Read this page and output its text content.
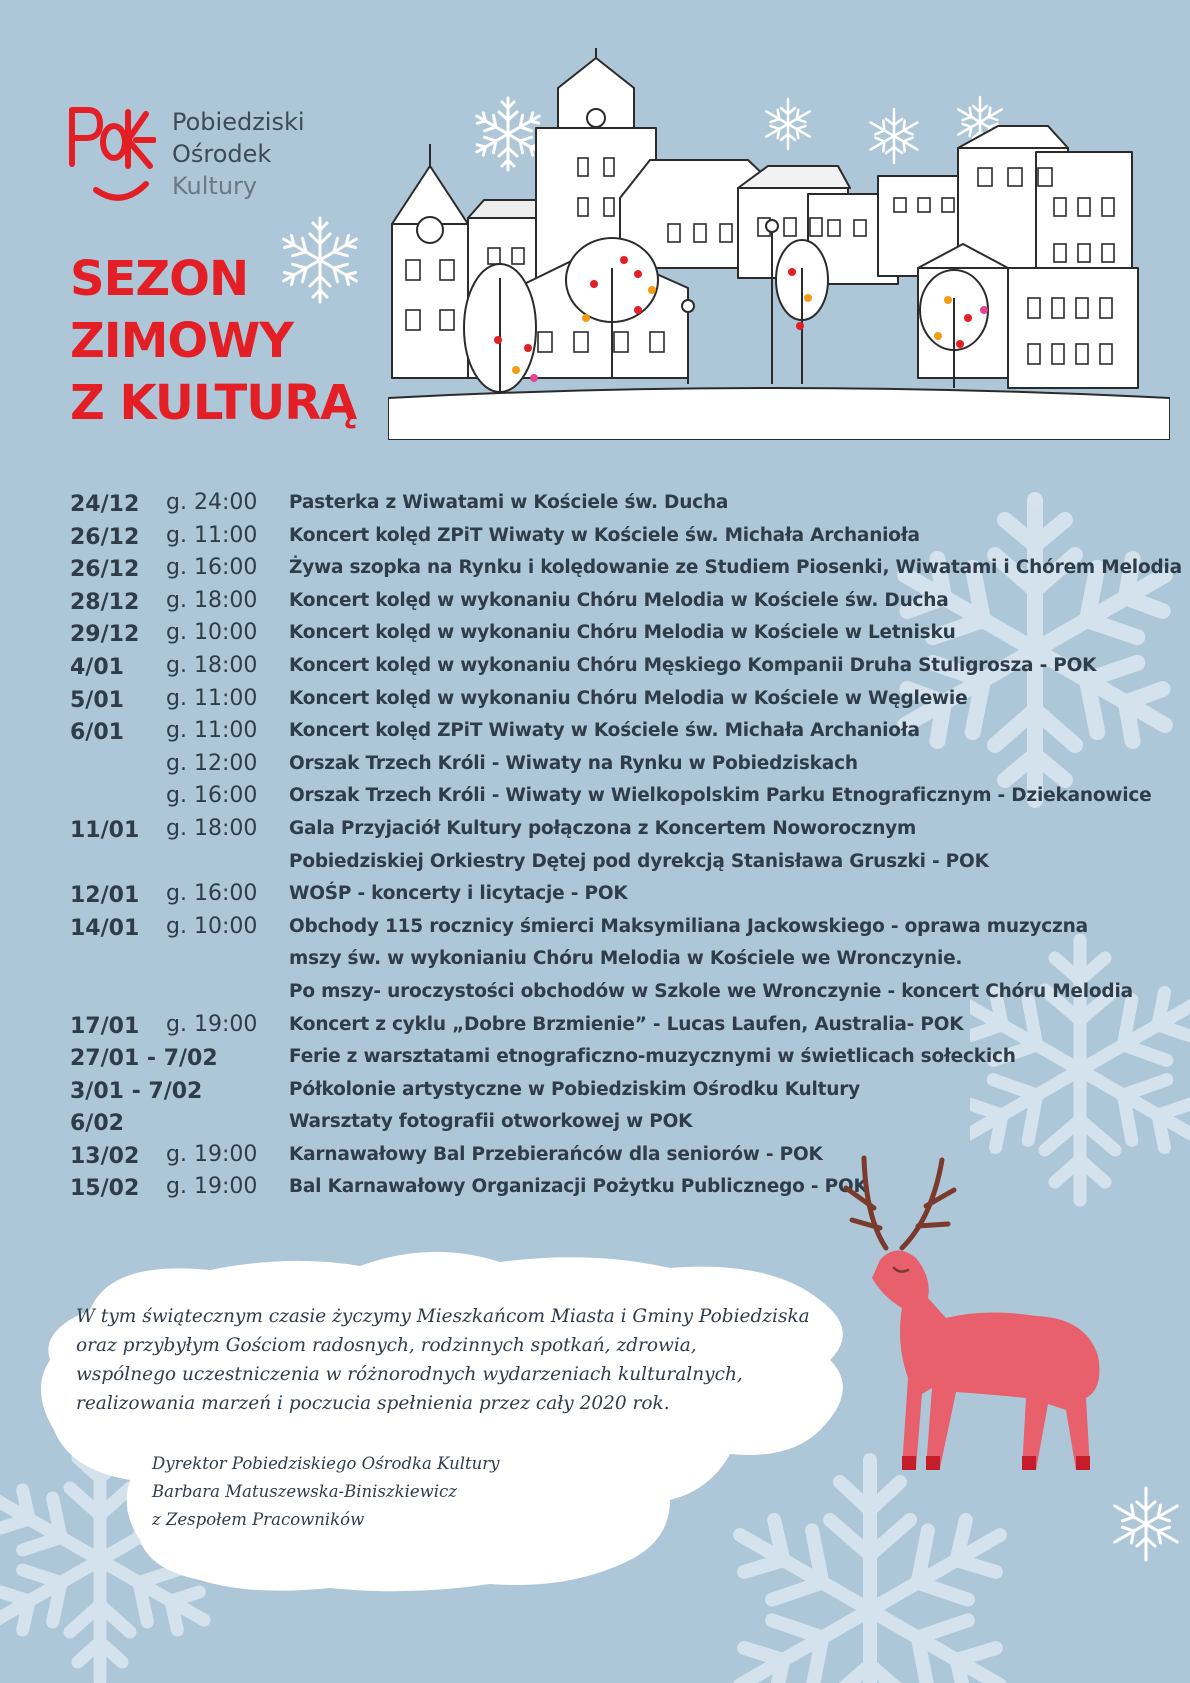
Pobiedziski
Ośrodek
Kultury
SEZON
ZIMOWY
Z KULTURĄ
24/12 g. 24:00 Pasterka z Wiwatami w Kościele św. Ducha
26/12 g. 11:00 Koncert kolęd ZPiT Wiwaty w Kościele św. Michała Archanioła
26/12 g. 16:00 Żywa szopka na Rynku i kolędowanie ze Studiem Piosenki, Wiwatami i Chórem Melodia
28/12 g. 18:00 Koncert kolęd w wykonaniu Chóru Melodia w Kościele św. Ducha
29/12 g. 10:00 Koncert kolęd w wykonaniu Chóru Melodia w Kościele w Letnisku
4/01 g. 18:00 Koncert kolęd w wykonaniu Chóru Męskiego Kompanii Druha Stuligrosza - POK
5/01 g. 11:00 Koncert kolęd w wykonaniu Chóru Melodia w Kościele w Węglewie
6/01 g. 11:00 Koncert kolęd ZPiT Wiwaty w Kościele św. Michała Archanioła
g. 12:00 Orszak Trzech Króli - Wiwaty na Rynku w Pobiedziskach
g. 16:00 Orszak Trzech Króli - Wiwaty w Wielkopolskim Parku Etnograficznym - Dziekanowice
11/01 g. 18:00 Gala Przyjaciół Kultury połączona z Koncertem Noworocznym
Pobiedziskiej Orkiestry Dętej pod dyrekcją Stanisława Gruszki - POK
12/01 g. 16:00 WOŚP - koncerty i licytacje - POK
14/01 g. 10:00 Obchody 115 rocznicy śmierci Maksymiliana Jackowskiego - oprawa muzyczna
mszy św. w wykonianiu Chóru Melodia w Kościele we Wronczynie.
Po mszy- uroczystości obchodów w Szkole we Wronczynie - koncert Chóru Melodia
17/01 g. 19:00 Koncert z cyklu „Dobre Brzmienie” - Lucas Laufen, Australia- POK
27/01 - 7/02	Ferie z warsztatami etnograficzno-muzycznymi w świetlicach sołeckich
3/01 - 7/02	Półkolonie artystyczne w Pobiedziskim Ośrodku Kultury
6/02	Warsztaty fotografii otworkowej w POK
13/02 g. 19:00 Karnawałowy Bal Przebierańców dla seniorów - POK
15/02 g. 19:00 Bal Karnawałowy Organizacji Pożytku Publicznego - POK
W tym świątecznym czasie życzymy Mieszkańcom Miasta i Gminy Pobiedziska
oraz przybyłym Gościom radosnych, rodzinnych spotkań, zdrowia,
wspólnego uczestniczenia w różnorodnych wydarzeniach kulturalnych,
realizowania marzeń i poczucia spełnienia przez cały 2020 rok.
Dyrektor Pobiedziskiego Ośrodka Kultury
Barbara Matuszewska-Biniszkiewicz
z Zespołem Pracowników
